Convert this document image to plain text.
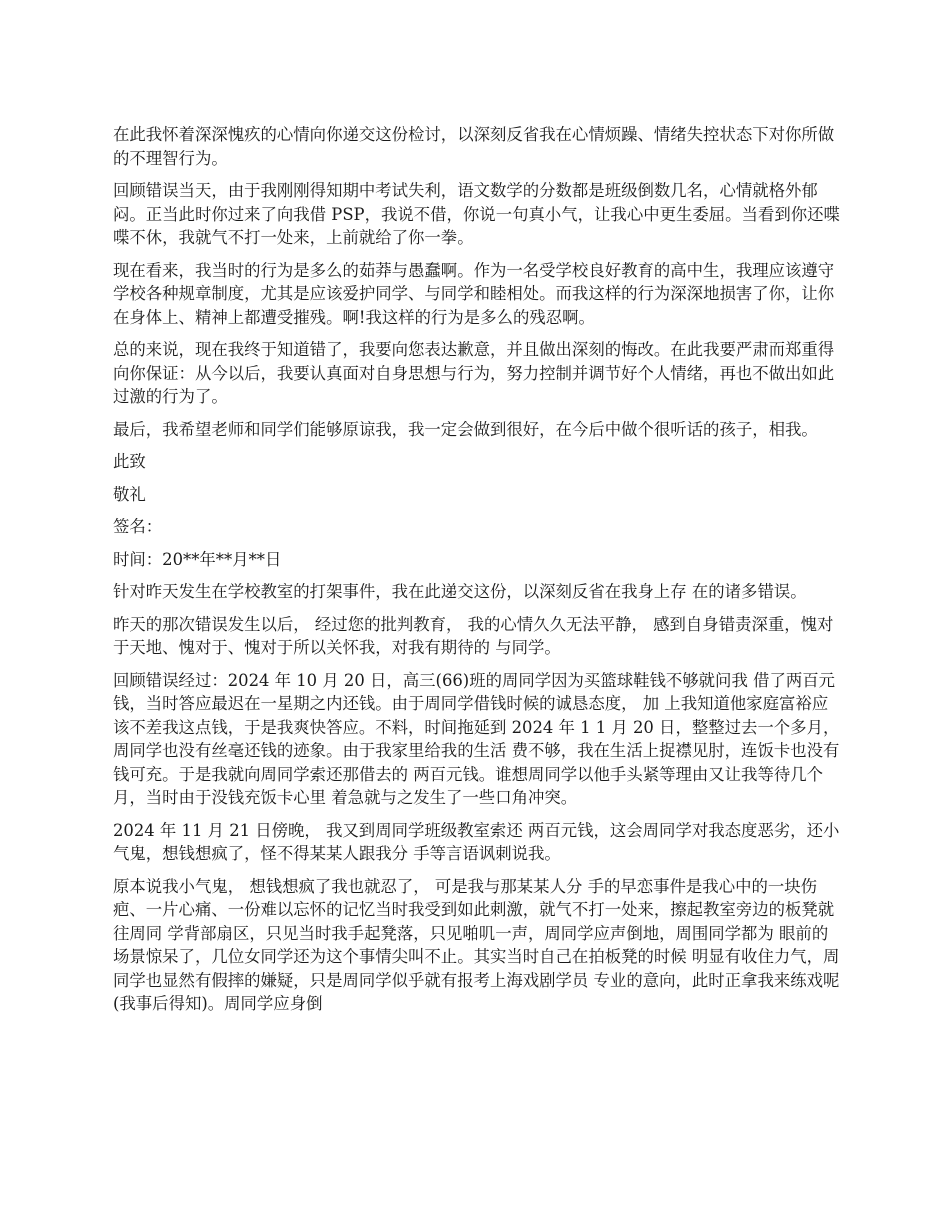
在此我怀着深深愧疚的心情向你递交这份检讨，以深刻反省我在心情烦躁、情绪失控状态下对你所做的不理智行为。

回顾错误当天，由于我刚刚得知期中考试失利，语文数学的分数都是班级倒数几名，心情就格外郁闷。正当此时你过来了向我借 PSP，我说不借，你说一句真小气，让我心中更生委屈。当看到你还喋喋不休，我就气不打一处来，上前就给了你一拳。

现在看来，我当时的行为是多么的茹莽与愚蠢啊。作为一名受学校良好教育的高中生，我理应该遵守学校各种规章制度，尤其是应该爱护同学、与同学和睦相处。而我这样的行为深深地损害了你，让你在身体上、精神上都遭受摧残。啊!我这样的行为是多么的残忍啊。

总的来说，现在我终于知道错了，我要向您表达歉意，并且做出深刻的悔改。在此我要严肃而郑重得向你保证：从今以后，我要认真面对自身思想与行为，努力控制并调节好个人情绪，再也不做出如此过激的行为了。

最后，我希望老师和同学们能够原谅我，我一定会做到很好，在今后中做个很听话的孩子，相我。

此致

敬礼

签名：

时间：20**年**月**日

针对昨天发生在学校教室的打架事件，我在此递交这份，以深刻反省在我身上存 在的诸多错误。

昨天的那次错误发生以后， 经过您的批判教育， 我的心情久久无法平静， 感到自身错责深重，愧对于天地、愧对于、愧对于所以关怀我，对我有期待的 与同学。

回顾错误经过：2024 年 10 月 20 日，高三(66)班的周同学因为买篮球鞋钱不够就问我 借了两百元钱，当时答应最迟在一星期之内还钱。由于周同学借钱时候的诚恳态度， 加 上我知道他家庭富裕应该不差我这点钱，于是我爽快答应。不料，时间拖延到 2024 年 1 1 月 20 日，整整过去一个多月，周同学也没有丝毫还钱的迹象。由于我家里给我的生活 费不够，我在生活上捉襟见肘，连饭卡也没有钱可充。于是我就向周同学索还那借去的 两百元钱。谁想周同学以他手头紧等理由又让我等待几个月，当时由于没钱充饭卡心里 着急就与之发生了一些口角冲突。

2024 年 11 月 21 日傍晚， 我又到周同学班级教室索还 两百元钱，这会周同学对我态度恶劣，还小气鬼，想钱想疯了，怪不得某某人跟我分 手等言语讽刺说我。

原本说我小气鬼， 想钱想疯了我也就忍了， 可是我与那某某人分 手的早恋事件是我心中的一块伤疤、一片心痛、一份难以忘怀的记忆当时我受到如此刺激，就气不打一处来，擦起教室旁边的板凳就往周同 学背部扇区，只见当时我手起凳落，只见啪叽一声，周同学应声倒地，周围同学都为 眼前的场景惊呆了，几位女同学还为这个事情尖叫不止。其实当时自己在拍板凳的时候 明显有收住力气，周同学也显然有假摔的嫌疑，只是周同学似乎就有报考上海戏剧学员 专业的意向，此时正拿我来练戏呢(我事后得知)。周同学应身倒
